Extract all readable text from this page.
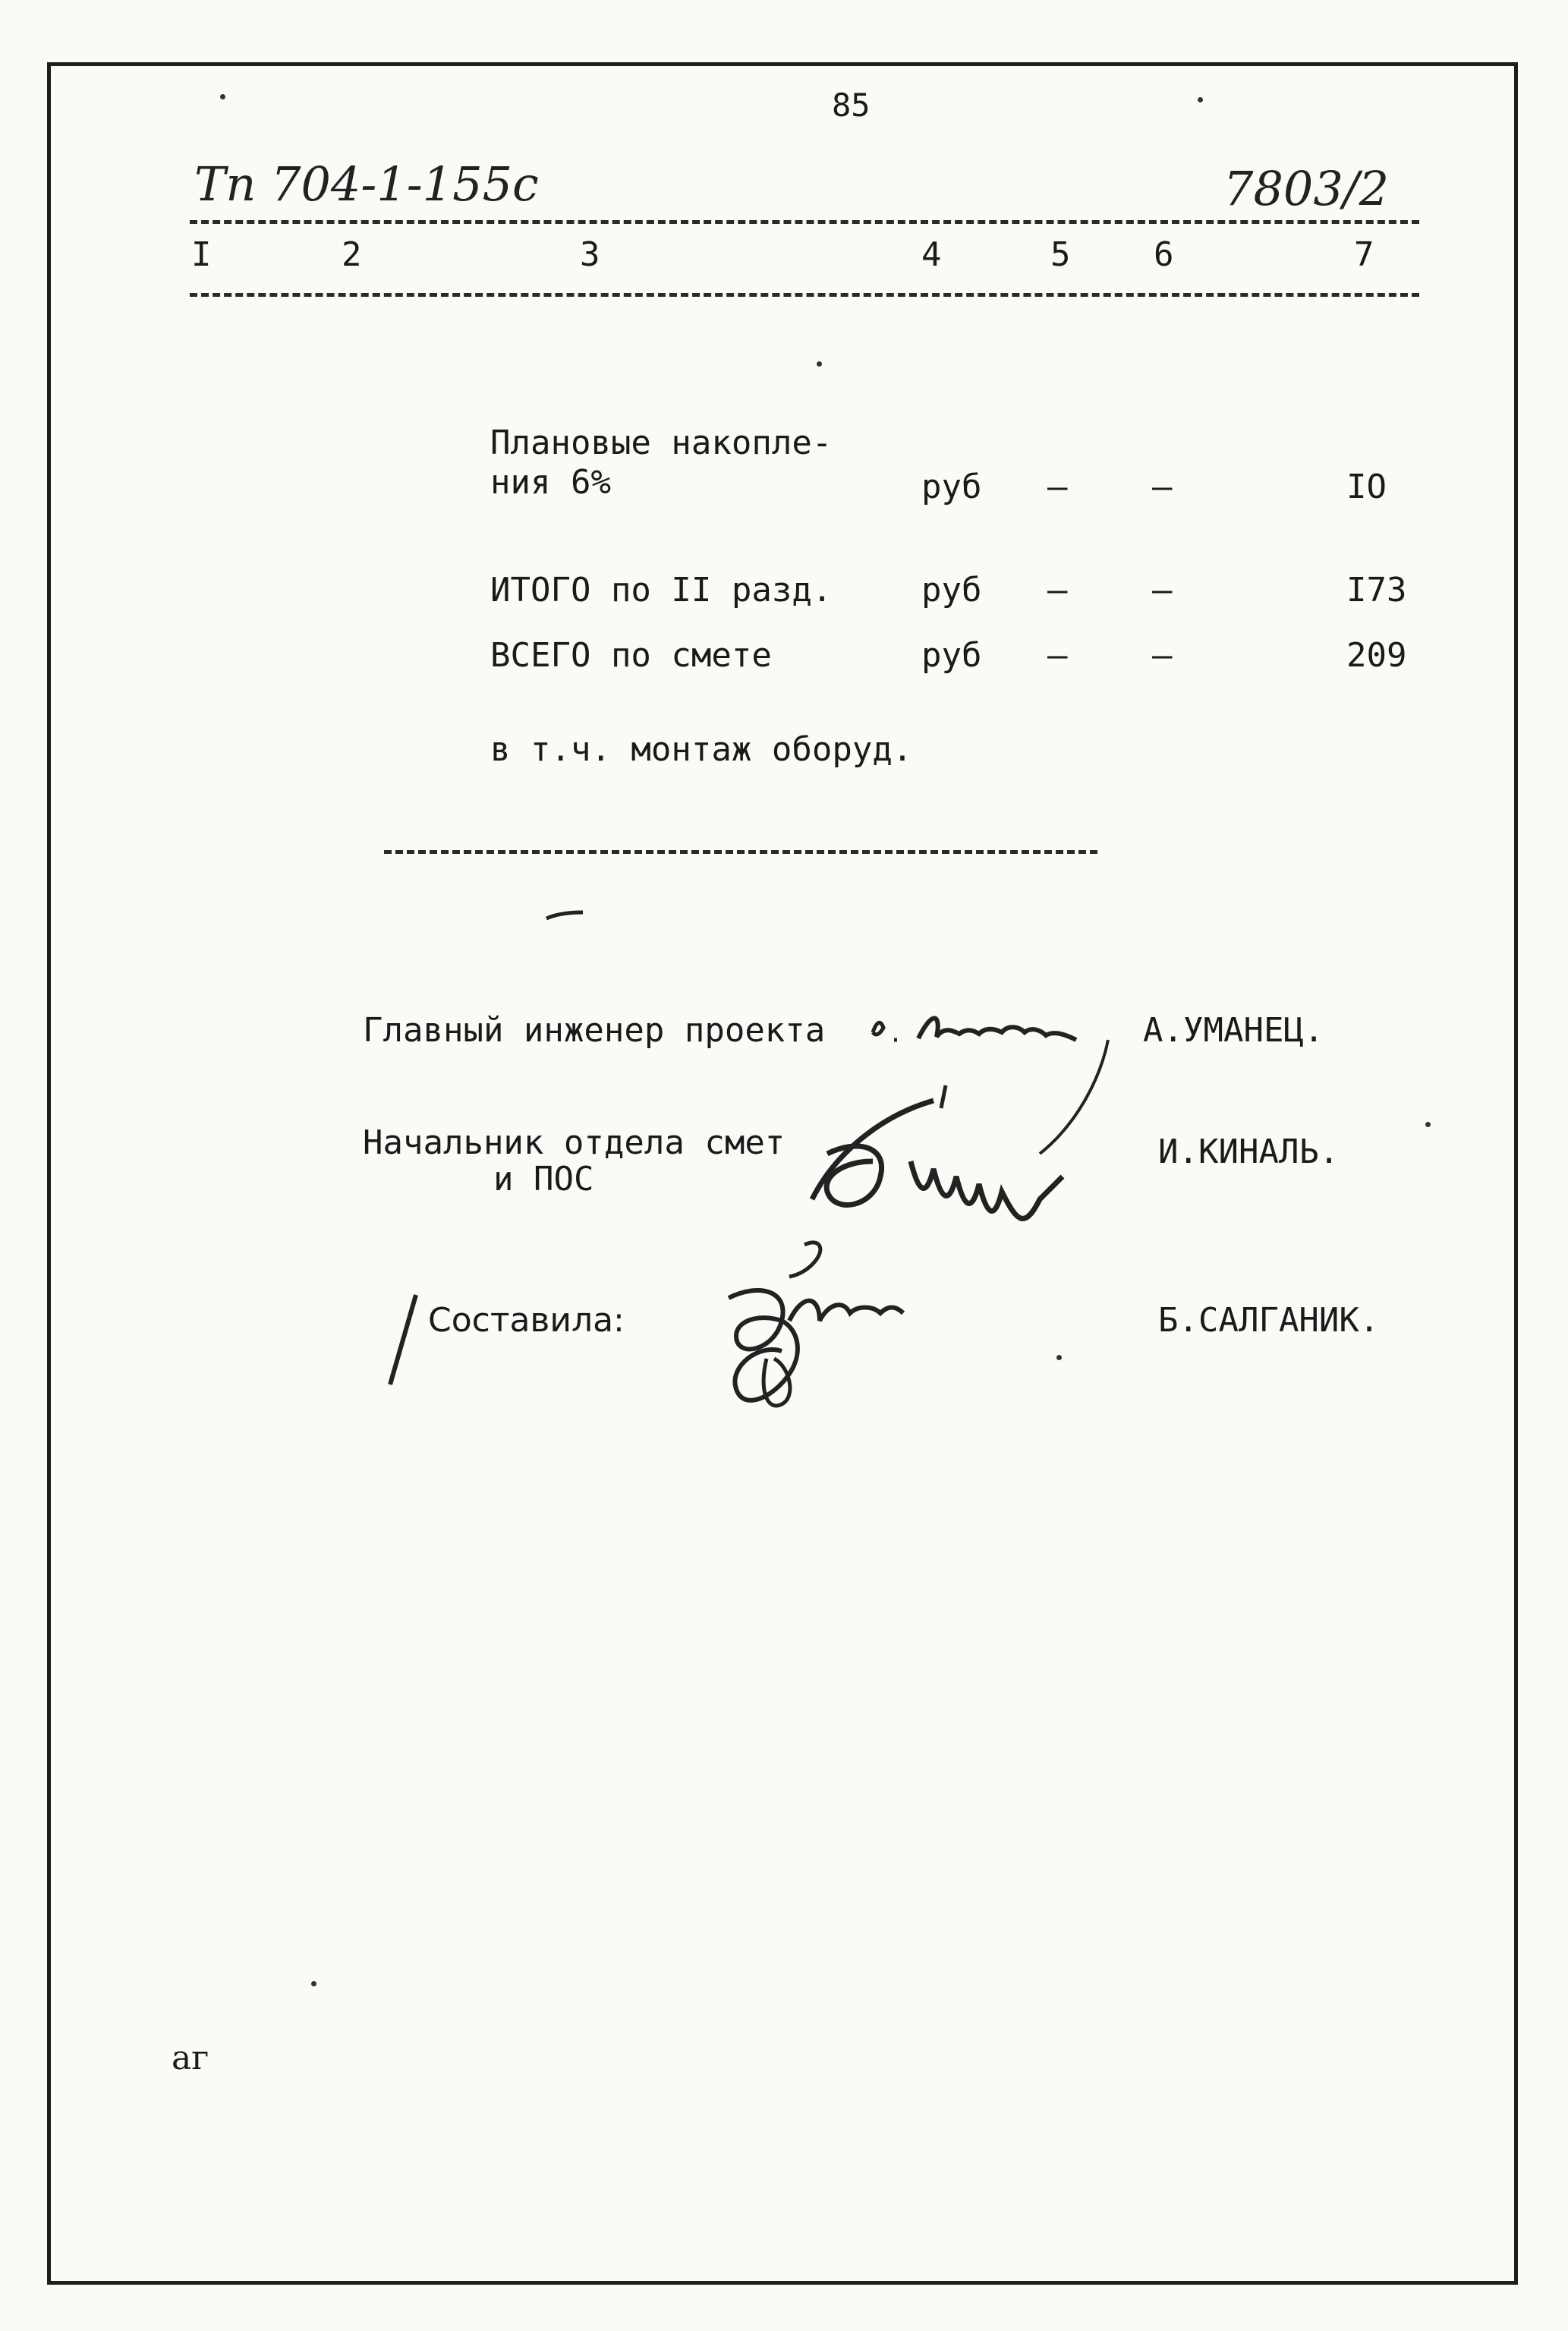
85
Тп 704-1-155с	7803/2
I	2	3	4	5 6	7
Плановые накопле-
ния 6%	руб –	–	IO
ИТОГО по II разд.	руб –	–	I73
ВСЕГО по смете	руб –	–	209
в т.ч. монтаж оборуд.
Главный инженер проекта	А.УМАНЕЦ.
Начальник отдела смет
и ПОС
И.КИНАЛЬ.
Составила:	Б.САЛГАНИК.
аг
